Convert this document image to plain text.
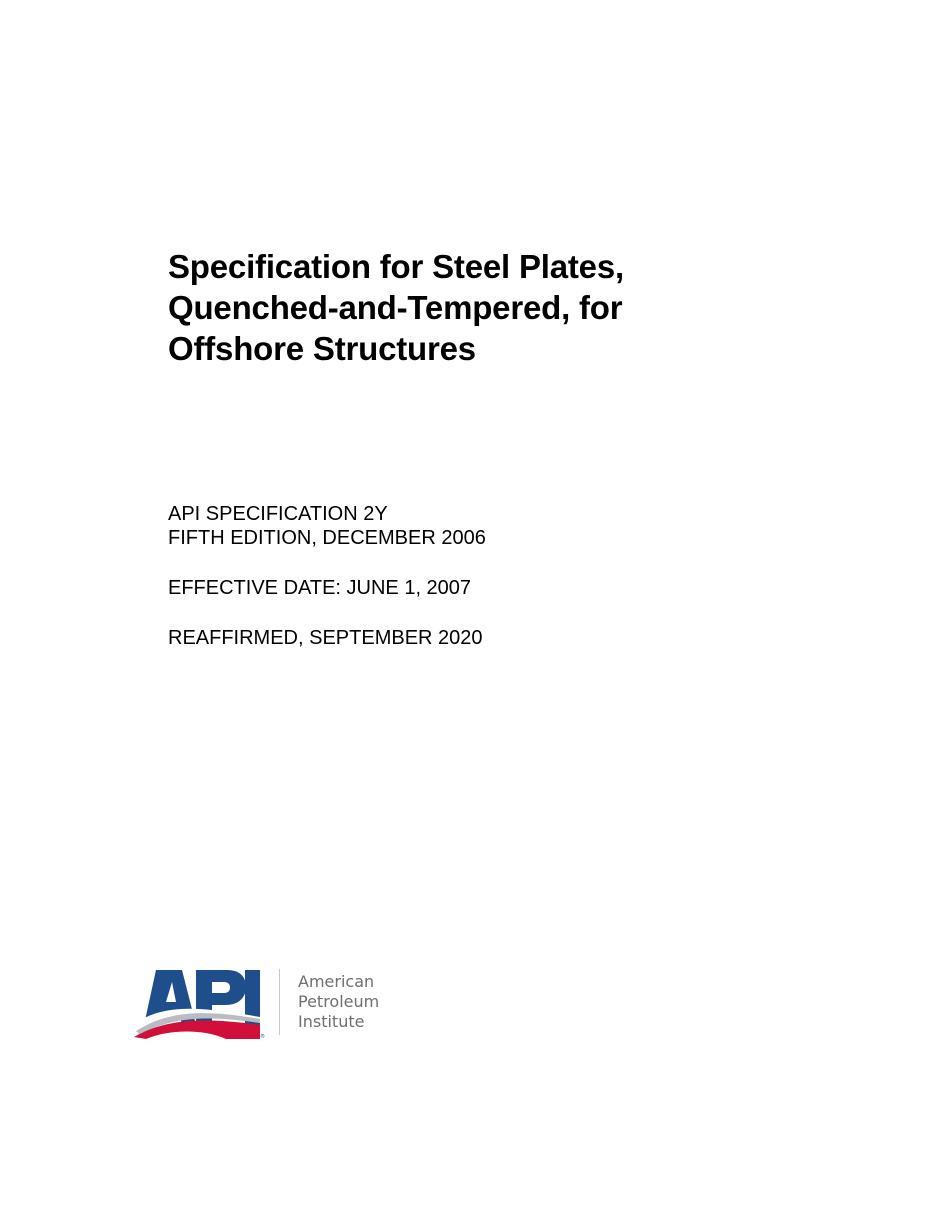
Specification for Steel Plates,
Quenched-and-Tempered, for
Offshore Structures
API SPECIFICATION 2Y
FIFTH EDITION, DECEMBER 2006
EFFECTIVE DATE: JUNE 1, 2007
REAFFIRMED, SEPTEMBER 2020
®
American
Petroleum
Institute
